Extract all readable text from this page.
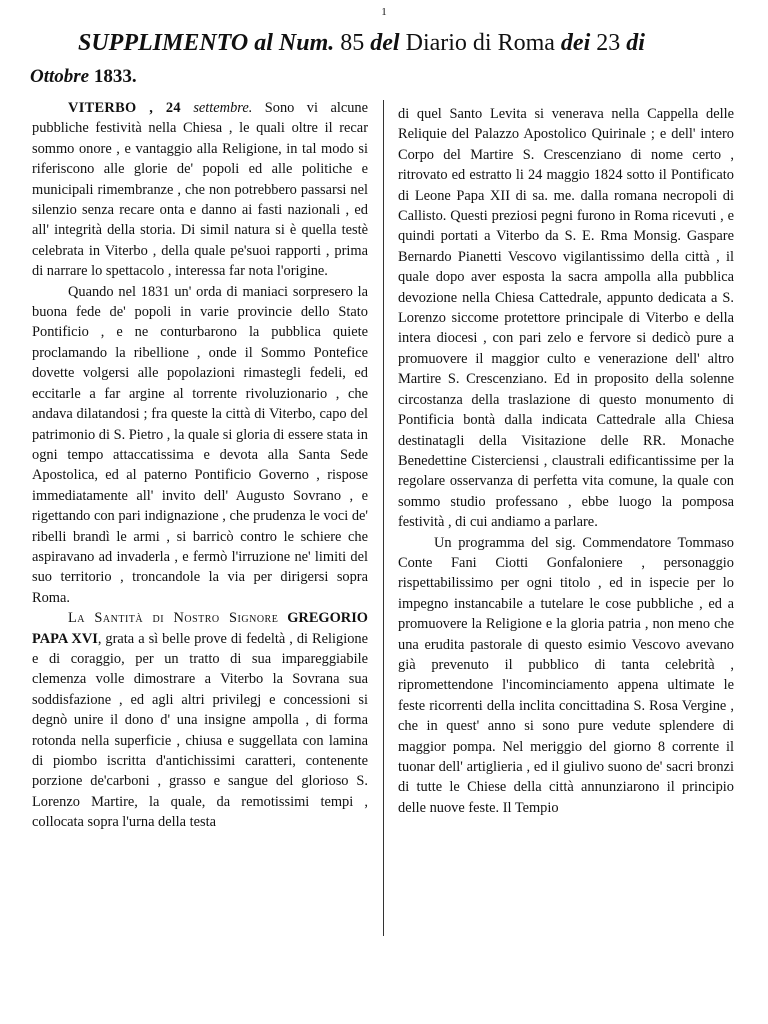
1
SUPPLIMENTO al Num. 85 del Diario di Roma dei 23 di
Ottobre 1833.

VITERBO , 24 settembre. Sono vi alcune pubbliche festività nella Chiesa , le quali oltre il recar sommo onore , e vantaggio alla Religione, in tal modo si riferiscono alle glorie de' popoli ed alle politiche e municipali rimembranze , che non potrebbero passarsi nel silenzio senza recare onta e danno ai fasti nazionali , ed all' integrità della storia. Di simil natura si è quella testè celebrata in Viterbo , della quale pe'suoi rapporti , prima di narrare lo spettacolo , interessa far nota l'origine.

Quando nel 1831 un' orda di maniaci sorpresero la buona fede de' popoli in varie provincie dello Stato Pontificio , e ne conturbarono la pubblica quiete proclamando la ribellione , onde il Sommo Pontefice dovette volgersi alle popolazioni rimastegli fedeli, ed eccitarle a far argine al torrente rivoluzionario , che andava dilatandosi ; fra queste la città di Viterbo, capo del patrimonio di S. Pietro , la quale si gloria di essere stata in ogni tempo attaccatissima e devota alla Santa Sede Apostolica, ed al paterno Pontificio Governo , rispose immediatamente all' invito dell' Augusto Sovrano , e rigettando con pari indignazione , che prudenza le voci de' ribelli brandì le armi , si barricò contro le schiere che aspiravano ad invaderla , e fermò l'irruzione ne' limiti del suo territorio , troncandole la via per dirigersi sopra Roma.

La Santità di Nostro Signore GREGORIO PAPA XVI, grata a sì belle prove di fedeltà , di Religione e di coraggio, per un tratto di sua impareggiabile clemenza volle dimostrare a Viterbo la Sovrana sua soddisfazione , ed agli altri privilegj e concessioni si degnò unire il dono d' una insigne ampolla , di forma rotonda nella superficie , chiusa e suggellata con lamina di piombo iscritta d'antichissimi caratteri, contenente porzione de'carboni , grasso e sangue del glorioso S. Lorenzo Martire, la quale, da remotissimi tempi , collocata sopra l'urna della testa

di quel Santo Levita si venerava nella Cappella delle Reliquie del Palazzo Apostolico Quirinale ; e dell' intero Corpo del Martire S. Crescenziano di nome certo , ritrovato ed estratto li 24 maggio 1824 sotto il Pontificato di Leone Papa XII di sa. me. dalla romana necropoli di Callisto. Questi preziosi pegni furono in Roma ricevuti , e quindi portati a Viterbo da S. E. Rma Monsig. Gaspare Bernardo Pianetti Vescovo vigilantissimo della città , il quale dopo aver esposta la sacra ampolla alla pubblica devozione nella Chiesa Cattedrale, appunto dedicata a S. Lorenzo siccome protettore principale di Viterbo e della intera diocesi , con pari zelo e fervore si dedicò pure a promuovere il maggior culto e venerazione dell' altro Martire S. Crescenziano. Ed in proposito della solenne circostanza della traslazione di questo monumento di Pontificia bontà dalla indicata Cattedrale alla Chiesa destinatagli della Visitazione delle RR. Monache Benedettine Cisterciensi , claustrali edificantissime per la regolare osservanza di perfetta vita comune, la quale con sommo studio professano , ebbe luogo la pomposa festività , di cui andiamo a parlare.

Un programma del sig. Commendatore Tommaso Conte Fani Ciotti Gonfaloniere , personaggio rispettabilissimo per ogni titolo , ed in ispecie per lo impegno instancabile a tutelare le cose pubbliche , ed a promuovere la Religione e la gloria patria , non meno che una erudita pastorale di questo esimio Vescovo avevano già prevenuto il pubblico di tanta celebrità , ripromettendone l'incominciamento appena ultimate le feste ricorrenti della inclita concittadina S. Rosa Vergine , che in quest' anno si sono pure vedute splendere di maggior pompa. Nel meriggio del giorno 8 corrente il tuonar dell' artiglieria , ed il giulivo suono de' sacri bronzi di tutte le Chiese della città annunziarono il principio delle nuove feste. Il Tempio
